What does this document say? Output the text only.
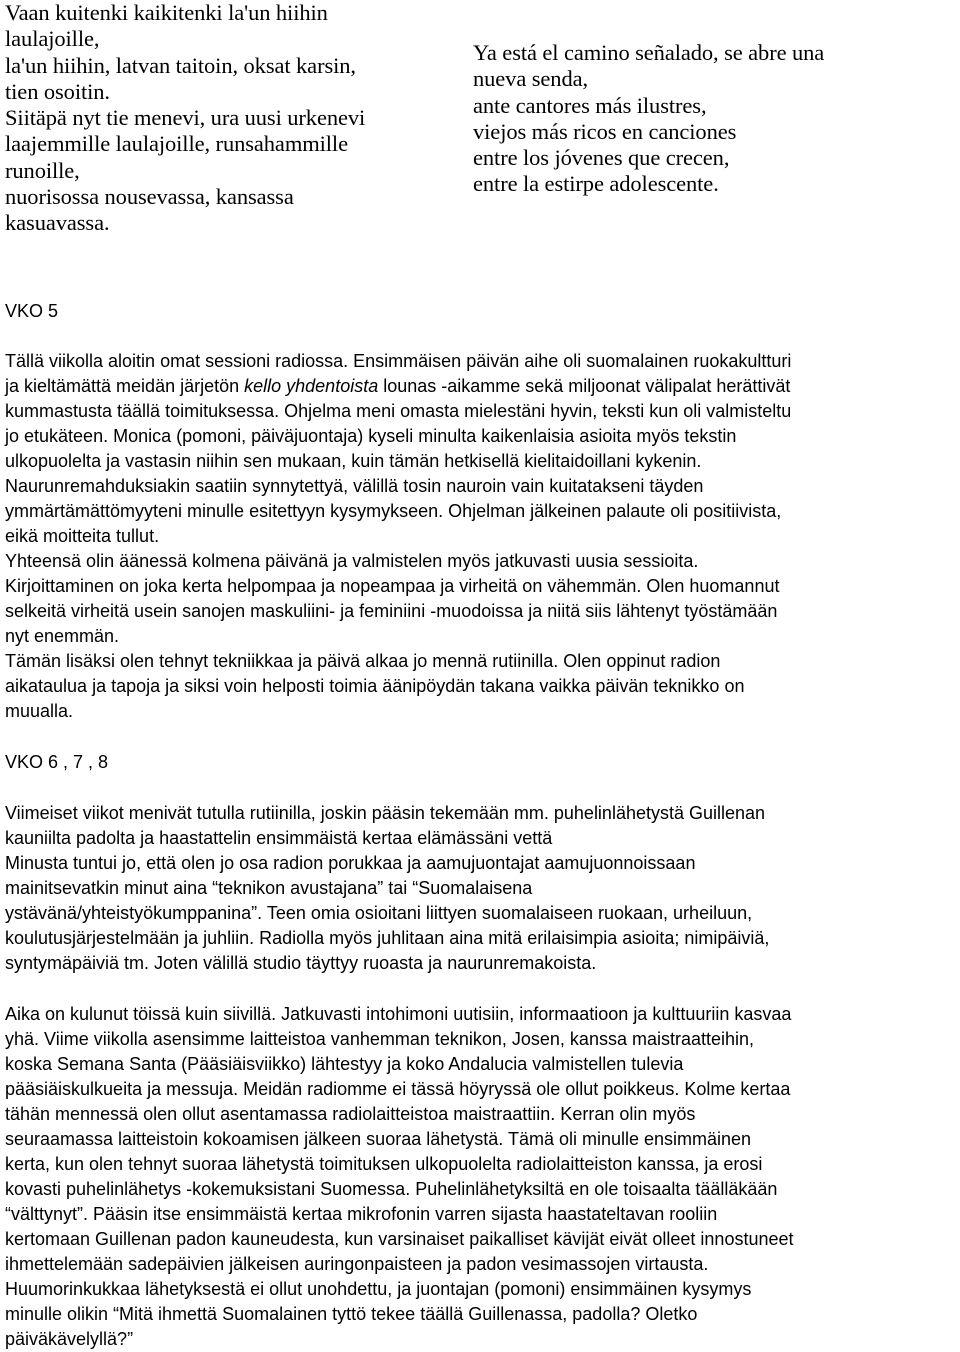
Vaan kuitenki kaikitenki la'un hiihin
laulajoille,
la'un hiihin, latvan taitoin, oksat karsin,
tien osoitin.
Siitäpä nyt tie menevi, ura uusi urkenevi
laajemmille laulajoille, runsahammille
runoille,
nuorisossa nousevassa, kansassa
kasuavassa.
Ya está el camino señalado, se abre una
nueva senda,
ante cantores más ilustres,
viejos más ricos en canciones
entre los jóvenes que crecen,
entre la estirpe adolescente.
VKO 5
Tällä viikolla aloitin omat sessioni radiossa. Ensimmäisen päivän aihe oli suomalainen ruokakultturi
ja kieltämättä meidän järjetön kello yhdentoista lounas -aikamme sekä miljoonat välipalat herättivät
kummastusta täällä toimituksessa. Ohjelma meni omasta mielestäni hyvin, teksti kun oli valmisteltu
jo etukäteen. Monica (pomoni, päiväjuontaja) kyseli minulta kaikenlaisia asioita myös tekstin
ulkopuolelta ja vastasin niihin sen mukaan, kuin tämän hetkisellä kielitaidoillani kykenin.
Naurunremahduksiakin saatiin synnytettyä, välillä tosin nauroin vain kuitatakseni täyden
ymmärtämättömyyteni minulle esitettyyn kysymykseen. Ohjelman jälkeinen palaute oli positiivista,
eikä moitteita tullut.
Yhteensä olin äänessä kolmena päivänä ja valmistelen myös jatkuvasti uusia sessioita.
Kirjoittaminen on joka kerta helpompaa ja nopeampaa ja virheitä on vähemmän. Olen huomannut
selkeitä virheitä usein sanojen maskuliini- ja feminiini -muodoissa ja niitä siis lähtenyt työstämään
nyt enemmän.
Tämän lisäksi olen tehnyt tekniikkaa ja päivä alkaa jo mennä rutiinilla. Olen oppinut radion
aikataulua ja tapoja ja siksi voin helposti toimia äänipöydän takana vaikka päivän teknikko on
muualla.
VKO 6 , 7 , 8
Viimeiset viikot menivät tutulla rutiinilla, joskin pääsin tekemään mm. puhelinlähetystä Guillenan
kauniilta padolta ja haastattelin ensimmäistä kertaa elämässäni vettä
Minusta tuntui jo, että olen jo osa radion porukkaa ja aamujuontajat aamujuonnoissaan
mainitsevatkin minut aina “teknikon avustajana” tai “Suomalaisena
ystävänä/yhteistyökumppanina”. Teen omia osioitani liittyen suomalaiseen ruokaan, urheiluun,
koulutusjärjestelmään ja juhliin. Radiolla myös juhlitaan aina mitä erilaisimpia asioita; nimipäiviä,
syntymäpäiviä tm. Joten välillä studio täyttyy ruoasta ja naurunremakoista.
Aika on kulunut töissä kuin siivillä. Jatkuvasti intohimoni uutisiin, informaatioon ja kulttuuriin kasvaa
yhä. Viime viikolla asensimme laitteistoa vanhemman teknikon, Josen, kanssa maistraatteihin,
koska Semana Santa (Pääsiäisviikko) lähtestyy ja koko Andalucia valmistellen tulevia
pääsiäiskulkueita ja messuja. Meidän radiomme ei tässä höyryssä ole ollut poikkeus. Kolme kertaa
tähän mennessä olen ollut asentamassa radiolaitteistoa maistraattiin. Kerran olin myös
seuraamassa laitteistoin kokoamisen jälkeen suoraa lähetystä. Tämä oli minulle ensimmäinen
kerta, kun olen tehnyt suoraa lähetystä toimituksen ulkopuolelta radiolaitteiston kanssa, ja erosi
kovasti puhelinlähetys -kokemuksistani Suomessa. Puhelinlähetyksiltä en ole toisaalta täälläkään
“välttynyt”. Pääsin itse ensimmäistä kertaa mikrofonin varren sijasta haastateltavan rooliin
kertomaan Guillenan padon kauneudesta, kun varsinaiset paikalliset kävijät eivät olleet innostuneet
ihmettelemään sadepäivien jälkeisen auringonpaisteen ja padon vesimassojen virtausta.
Huumorinkukkaa lähetyksestä ei ollut unohdettu, ja juontajan (pomoni) ensimmäinen kysymys
minulle olikin “Mitä ihmettä Suomalainen tyttö tekee täällä Guillenassa, padolla? Oletko
päiväkävelyllä?”
